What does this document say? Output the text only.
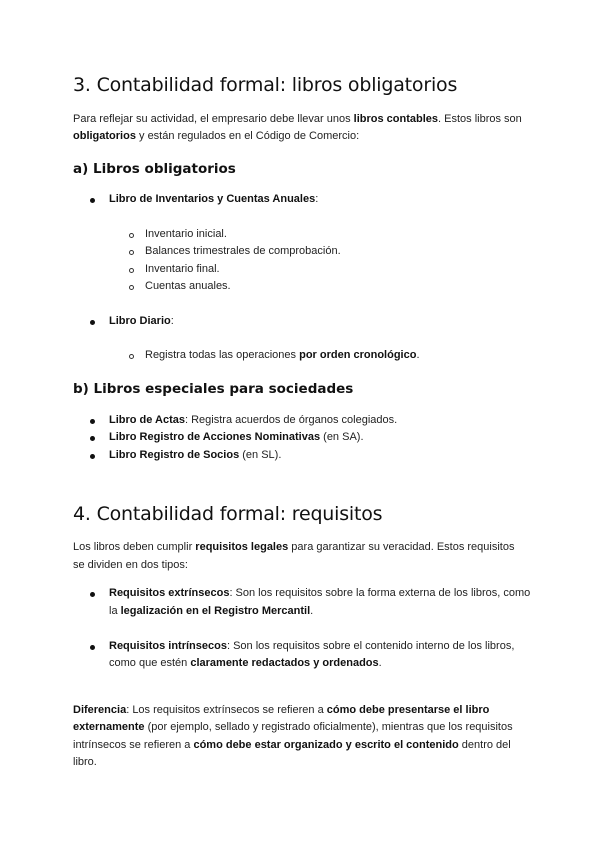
3. Contabilidad formal: libros obligatorios
Para reflejar su actividad, el empresario debe llevar unos libros contables. Estos libros son
obligatorios y están regulados en el Código de Comercio:
a) Libros obligatorios
Libro de Inventarios y Cuentas Anuales:
Inventario inicial.
Balances trimestrales de comprobación.
Inventario final.
Cuentas anuales.
Libro Diario:
Registra todas las operaciones por orden cronológico.
b) Libros especiales para sociedades
Libro de Actas: Registra acuerdos de órganos colegiados.
Libro Registro de Acciones Nominativas (en SA).
Libro Registro de Socios (en SL).
4. Contabilidad formal: requisitos
Los libros deben cumplir requisitos legales para garantizar su veracidad. Estos requisitos
se dividen en dos tipos:
Requisitos extrínsecos: Son los requisitos sobre la forma externa de los libros, como
la legalización en el Registro Mercantil.
Requisitos intrínsecos: Son los requisitos sobre el contenido interno de los libros,
como que estén claramente redactados y ordenados.
Diferencia: Los requisitos extrínsecos se refieren a cómo debe presentarse el libro
externamente (por ejemplo, sellado y registrado oficialmente), mientras que los requisitos
intrínsecos se refieren a cómo debe estar organizado y escrito el contenido dentro del
libro.
